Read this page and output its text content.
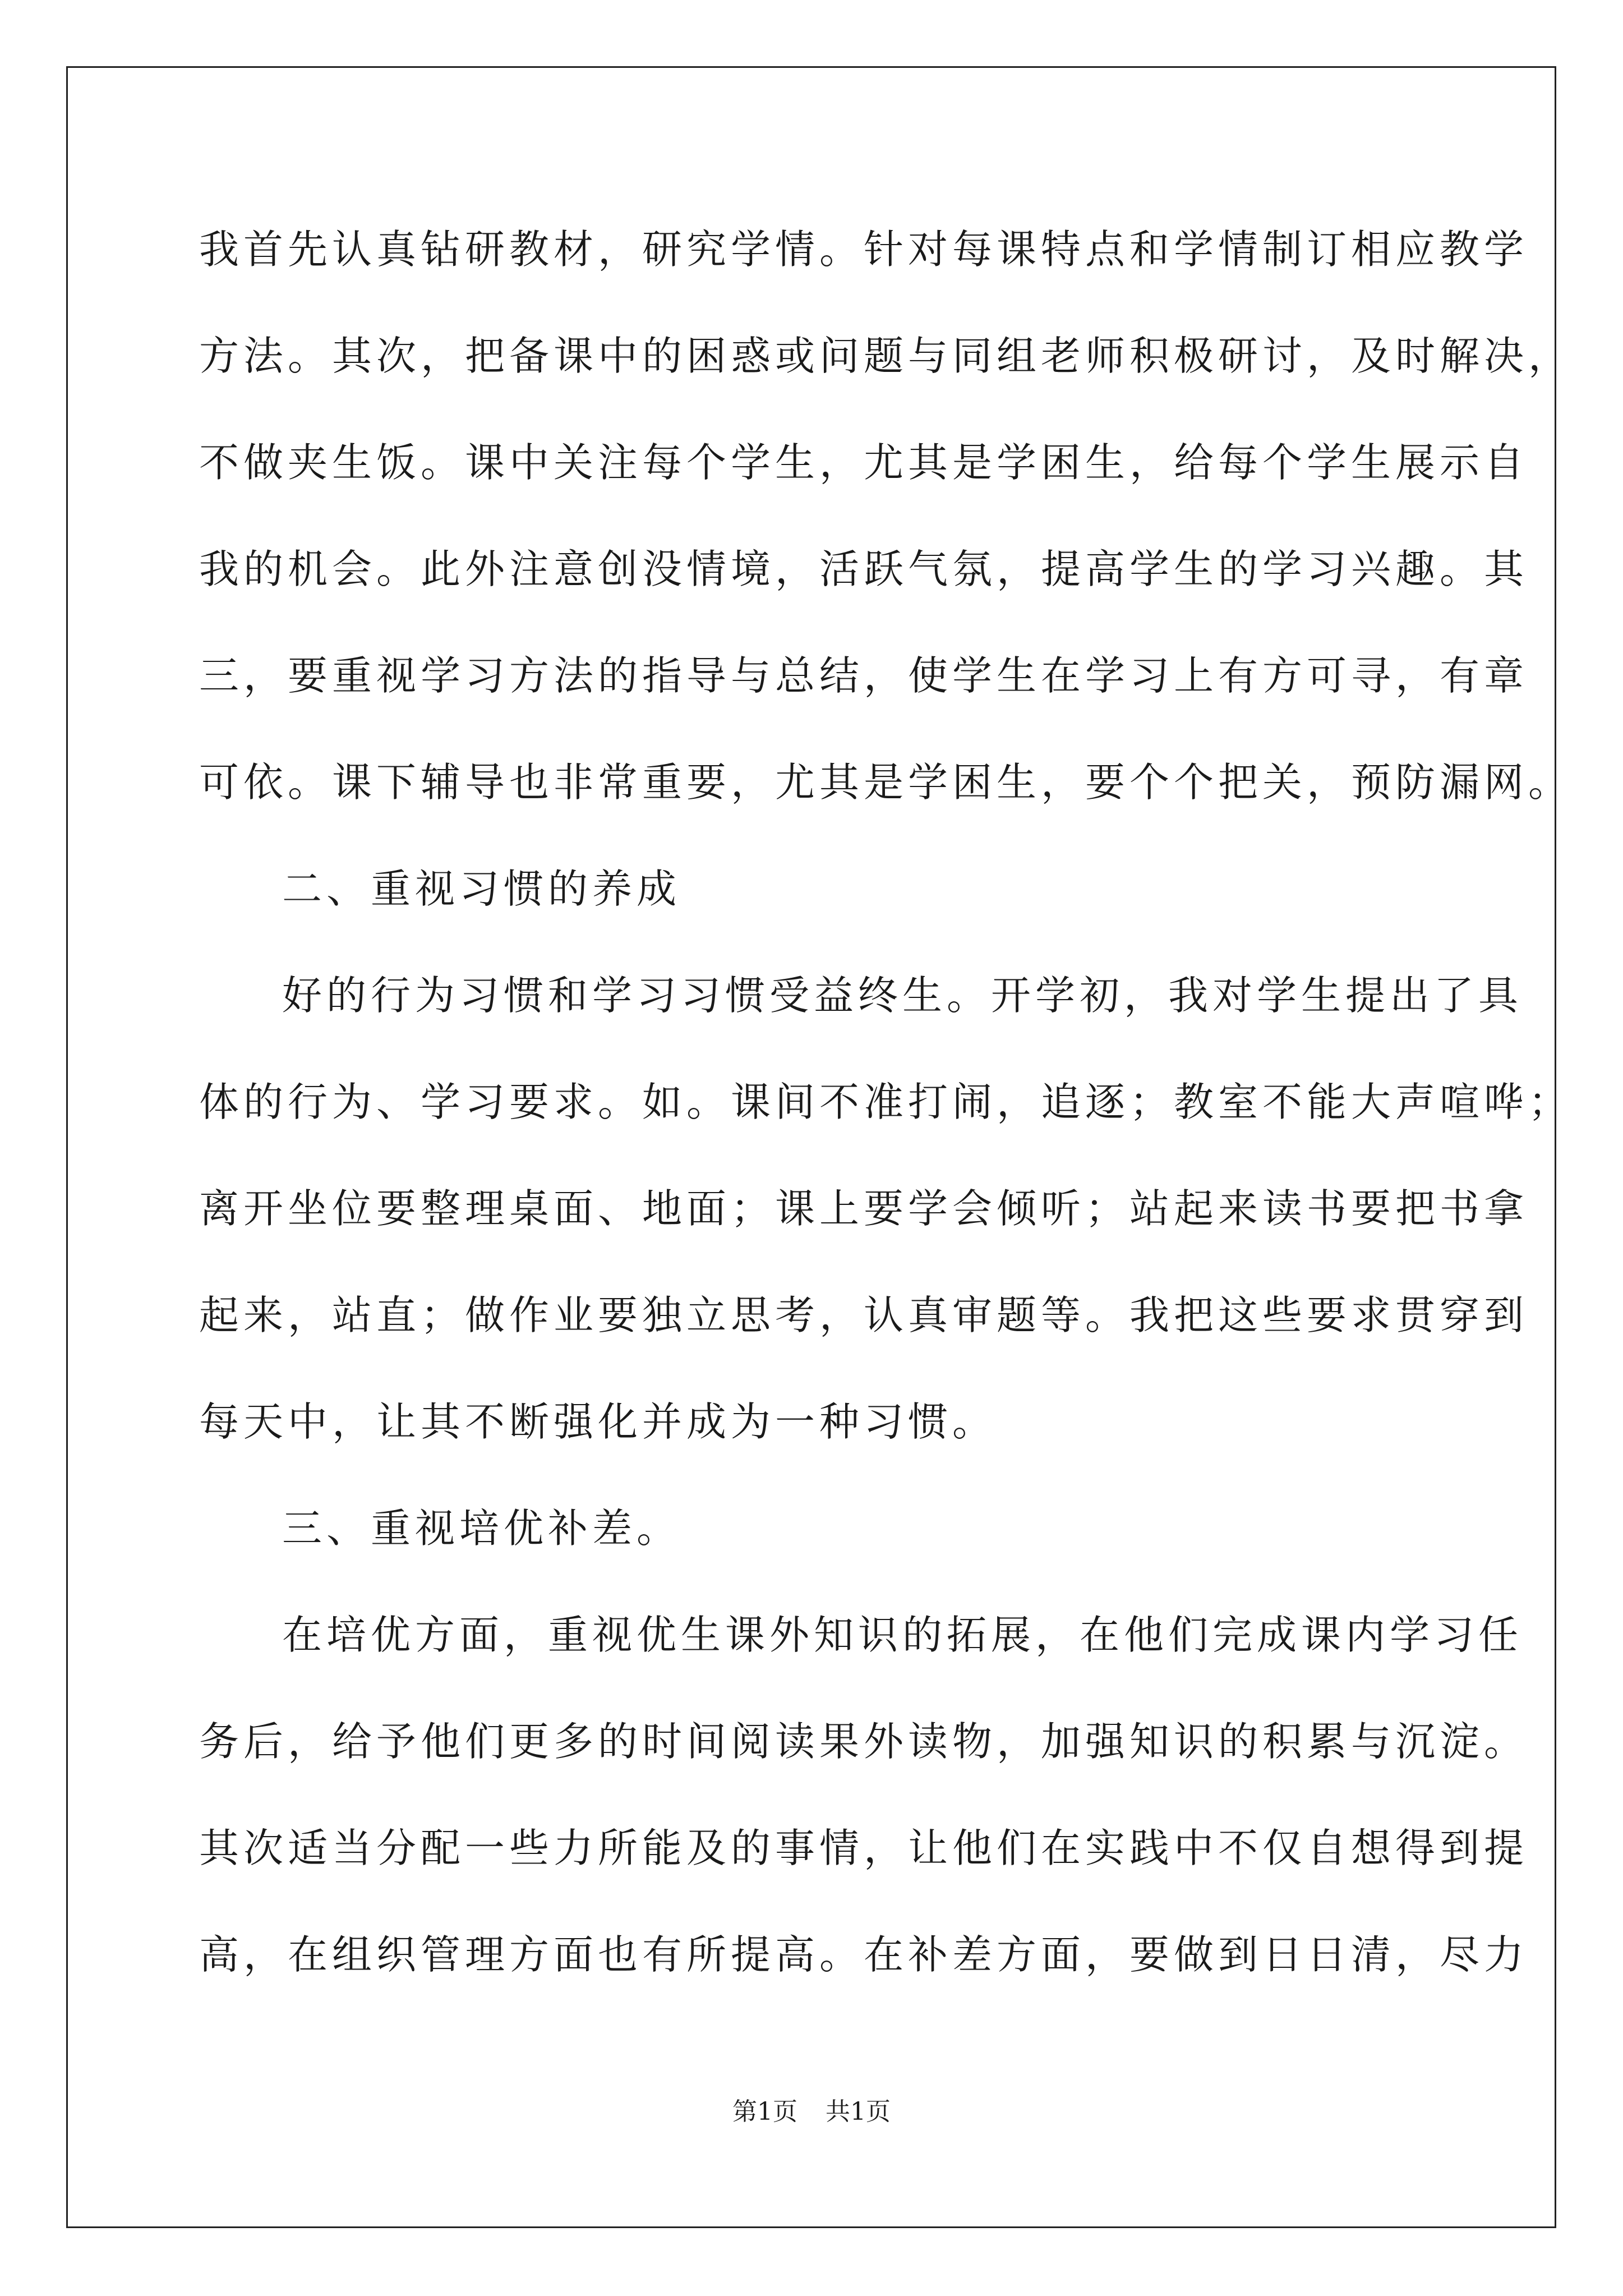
我首先认真钻研教材，研究学情。针对每课特点和学情制订相应教学
方法。其次，把备课中的困惑或问题与同组老师积极研讨，及时解决，
不做夹生饭。课中关注每个学生，尤其是学困生，给每个学生展示自
我的机会。此外注意创没情境，活跃气氛，提高学生的学习兴趣。其
三，要重视学习方法的指导与总结，使学生在学习上有方可寻，有章
可依。课下辅导也非常重要，尤其是学困生，要个个把关，预防漏网。
二、重视习惯的养成
好的行为习惯和学习习惯受益终生。开学初，我对学生提出了具
体的行为、学习要求。如。课间不准打闹，追逐；教室不能大声喧哗；
离开坐位要整理桌面、地面；课上要学会倾听；站起来读书要把书拿
起来，站直；做作业要独立思考，认真审题等。我把这些要求贯穿到
每天中，让其不断强化并成为一种习惯。
三、重视培优补差。
在培优方面，重视优生课外知识的拓展，在他们完成课内学习任
务后，给予他们更多的时间阅读果外读物，加强知识的积累与沉淀。
其次适当分配一些力所能及的事情，让他们在实践中不仅自想得到提
高，在组织管理方面也有所提高。在补差方面，要做到日日清，尽力
第1页 共1页
